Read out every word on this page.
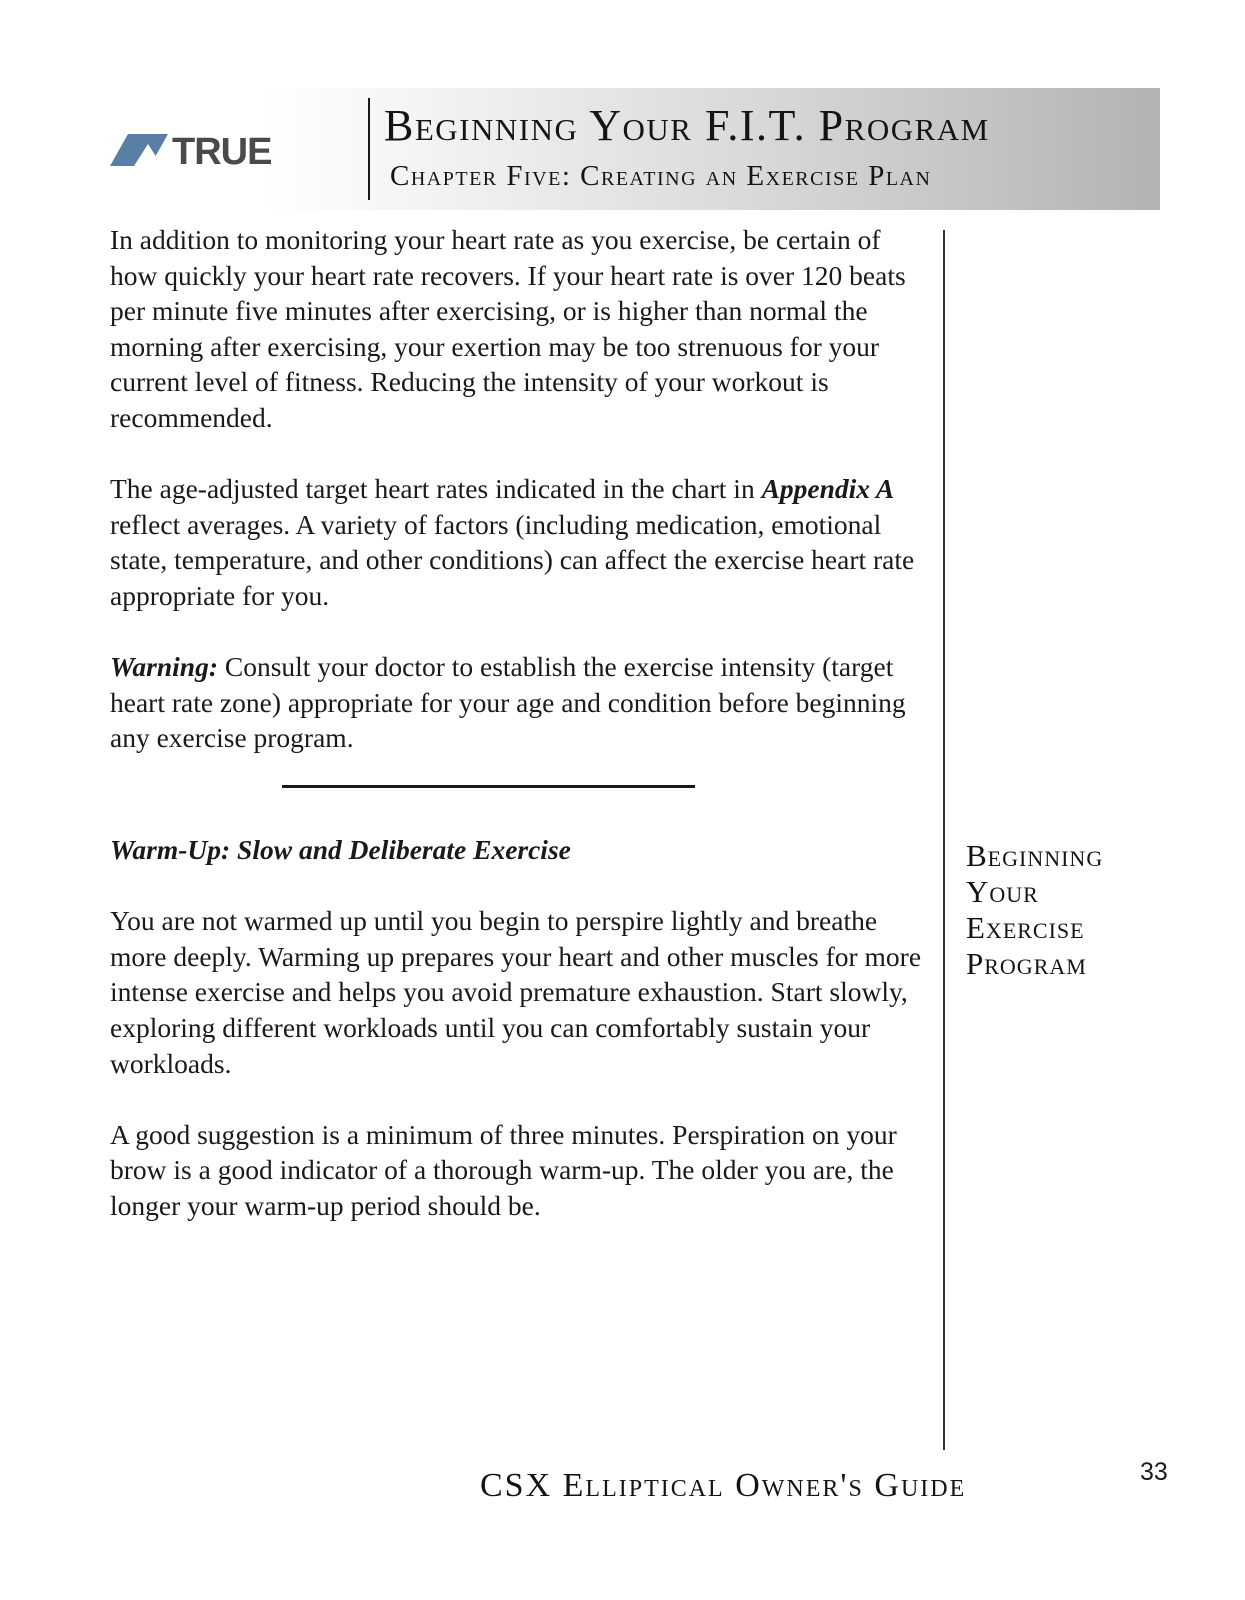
TRUE
Beginning Your F.I.T. Program
Chapter Five: Creating an Exercise Plan

In addition to monitoring your heart rate as you exercise, be certain of how quickly your heart rate recovers. If your heart rate is over 120 beats per minute five minutes after exercising, or is higher than normal the morning after exercising, your exertion may be too strenuous for your current level of fitness. Reducing the intensity of your workout is recommended.

The age-adjusted target heart rates indicated in the chart in Appendix A reflect averages. A variety of factors (including medication, emotional state, temperature, and other conditions) can affect the exercise heart rate appropriate for you.

Warning: Consult your doctor to establish the exercise intensity (target heart rate zone) appropriate for your age and condition before beginning any exercise program.

Warm-Up: Slow and Deliberate Exercise

You are not warmed up until you begin to perspire lightly and breathe more deeply. Warming up prepares your heart and other muscles for more intense exercise and helps you avoid premature exhaustion. Start slowly, exploring different workloads until you can comfortably sustain your workloads.

A good suggestion is a minimum of three minutes. Perspiration on your brow is a good indicator of a thorough warm-up. The older you are, the longer your warm-up period should be.

Beginning
Your
Exercise
Program
CSX Elliptical Owner's Guide	33
